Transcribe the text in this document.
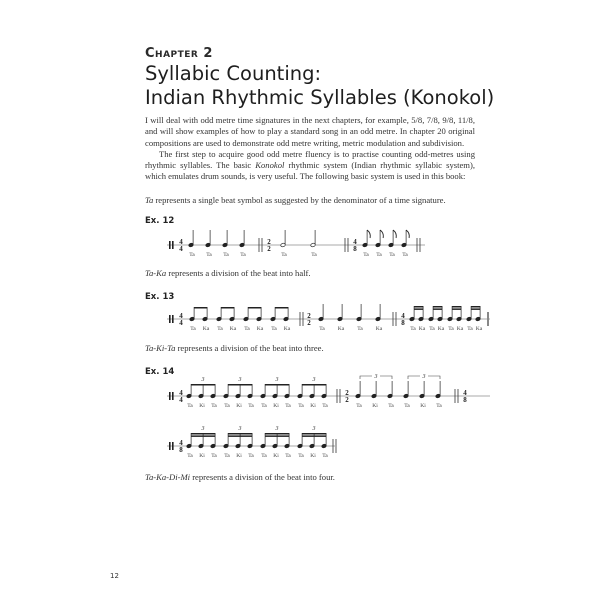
Chapter 2
Syllabic Counting:
Indian Rhythmic Syllables (Konokol)

I will deal with odd metre time signatures in the next chapters, for example, 5/8, 7/8, 9/8, 11/8, and will show examples of how to play a standard song in an odd metre. In chapter 20 original compositions are used to demonstrate odd metre writing, metric modulation and subdivision.

The first step to acquire good odd metre fluency is to practise counting odd-metres using rhythmic syllables. The basic Konokol rhythmic system (Indian rhythmic syllabic system), which emulates drum sounds, is very useful. The following basic system is used in this book:

Ta represents a single beat symbol as suggested by the denominator of a time signature.

Ex. 12
4
4
Ta Ta Ta Ta
2
2
Ta	Ta
4
8
Ta Ta Ta Ta

Ta-Ka represents a division of the beat into half.

Ex. 13
4
4
Ta Ka Ta Ka Ta Ka Ta Ka
2
2
Ta Ka Ta Ka
4
8
Ta Ka Ta Ka Ta Ka Ta Ka

Ta-Ki-Ta represents a division of the beat into three.

Ex. 14
4
4
Ta Ki Ta
3
Ta Ki Ta
3
Ta Ki Ta
3
Ta Ki Ta
3
2
2
Ta Ki Ta
3
Ta Ki Ta
3
4
8
4
8
Ta Ki Ta
3
Ta Ki Ta
3
Ta Ki Ta
3
Ta Ki Ta
3

Ta-Ka-Di-Mi represents a division of the beat into four.

12
